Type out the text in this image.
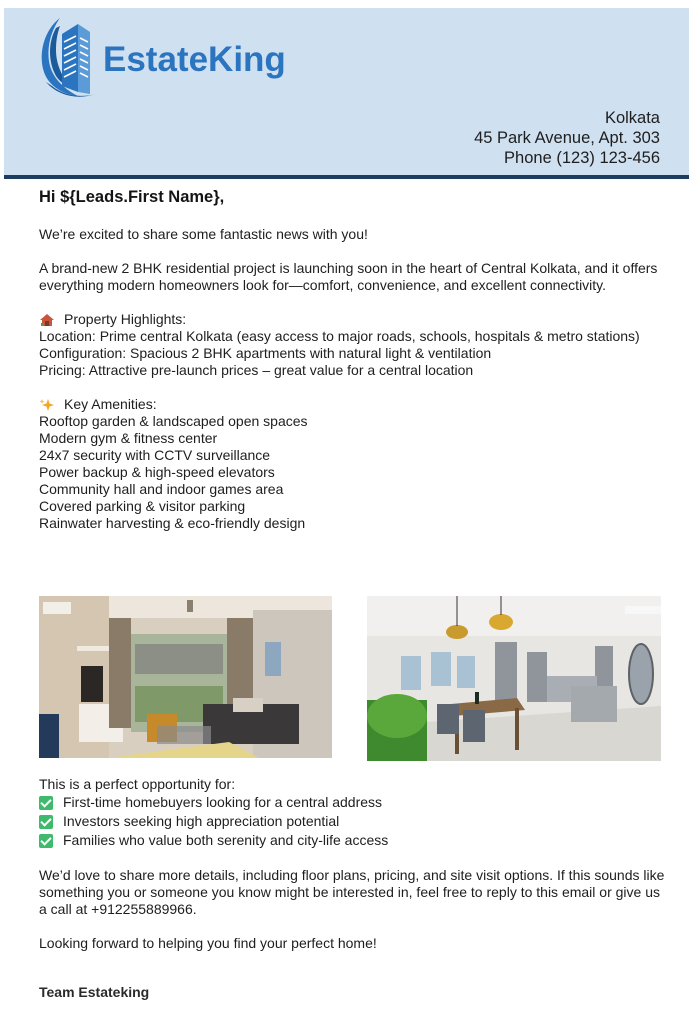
EstateKing
Kolkata
45 Park Avenue, Apt. 303
Phone (123) 123-456
Hi ${Leads.First Name},

We’re excited to share some fantastic news with you!

A brand-new 2 BHK residential project is launching soon in the heart of Central Kolkata, and it offers everything modern homeowners look for—comfort, convenience, and excellent connectivity.

Property Highlights:
Location: Prime central Kolkata (easy access to major roads, schools, hospitals & metro stations)
Configuration: Spacious 2 BHK apartments with natural light & ventilation
Pricing: Attractive pre-launch prices – great value for a central location
Key Amenities:
Rooftop garden & landscaped open spaces
Modern gym & fitness center
24x7 security with CCTV surveillance
Power backup & high-speed elevators
Community hall and indoor games area
Covered parking & visitor parking
Rainwater harvesting & eco-friendly design
This is a perfect opportunity for:
First-time homebuyers looking for a central address
Investors seeking high appreciation potential
Families who value both serenity and city-life access

We’d love to share more details, including floor plans, pricing, and site visit options. If this sounds like something you or someone you know might be interested in, feel free to reply to this email or give us a call at +912255889966.

Looking forward to helping you find your perfect home!

Team Estateking
